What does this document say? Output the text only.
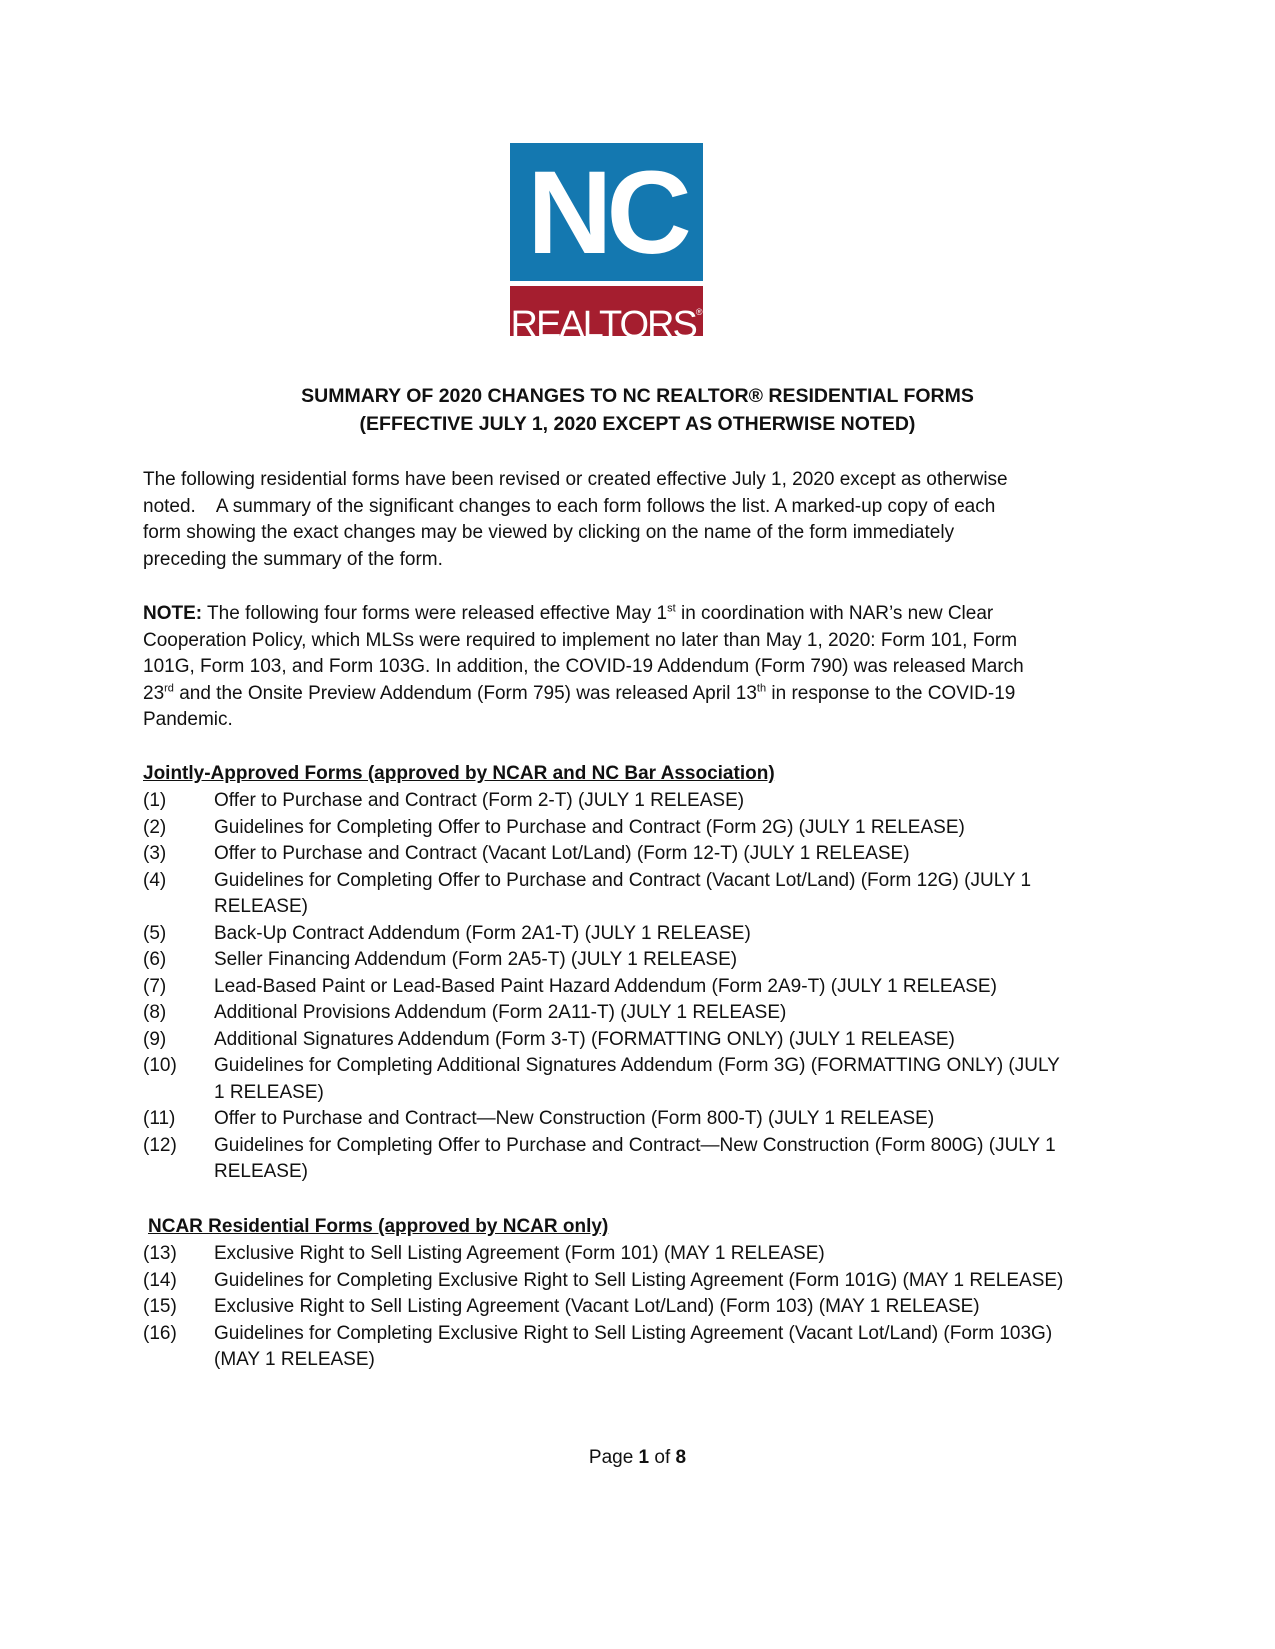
NC
REALTORS®
SUMMARY OF 2020 CHANGES TO NC REALTOR® RESIDENTIAL FORMS
(EFFECTIVE JULY 1, 2020 EXCEPT AS OTHERWISE NOTED)
The following residential forms have been revised or created effective July 1, 2020 except as otherwise
noted.    A summary of the significant changes to each form follows the list. A marked-up copy of each
form showing the exact changes may be viewed by clicking on the name of the form immediately
preceding the summary of the form.
NOTE: The following four forms were released effective May 1st in coordination with NAR’s new Clear
Cooperation Policy, which MLSs were required to implement no later than May 1, 2020: Form 101, Form
101G, Form 103, and Form 103G. In addition, the COVID-19 Addendum (Form 790) was released March
23rd and the Onsite Preview Addendum (Form 795) was released April 13th in response to the COVID-19
Pandemic.
Jointly-Approved Forms (approved by NCAR and NC Bar Association)
(1)	Offer to Purchase and Contract (Form 2-T) (JULY 1 RELEASE)
(2)	Guidelines for Completing Offer to Purchase and Contract (Form 2G) (JULY 1 RELEASE)
(3)	Offer to Purchase and Contract (Vacant Lot/Land) (Form 12-T) (JULY 1 RELEASE)
(4)	Guidelines for Completing Offer to Purchase and Contract (Vacant Lot/Land) (Form 12G) (JULY 1 RELEASE)
(5)	Back-Up Contract Addendum (Form 2A1-T) (JULY 1 RELEASE)
(6)	Seller Financing Addendum (Form 2A5-T) (JULY 1 RELEASE)
(7)	Lead-Based Paint or Lead-Based Paint Hazard Addendum (Form 2A9-T) (JULY 1 RELEASE)
(8)	Additional Provisions Addendum (Form 2A11-T) (JULY 1 RELEASE)
(9)	Additional Signatures Addendum (Form 3-T) (FORMATTING ONLY) (JULY 1 RELEASE)
(10)	Guidelines for Completing Additional Signatures Addendum (Form 3G) (FORMATTING ONLY) (JULY 1 RELEASE)
(11)	Offer to Purchase and Contract—New Construction (Form 800-T) (JULY 1 RELEASE)
(12)	Guidelines for Completing Offer to Purchase and Contract—New Construction (Form 800G) (JULY 1 RELEASE)
NCAR Residential Forms (approved by NCAR only)
(13)	Exclusive Right to Sell Listing Agreement (Form 101) (MAY 1 RELEASE)
(14)	Guidelines for Completing Exclusive Right to Sell Listing Agreement (Form 101G) (MAY 1 RELEASE)
(15)	Exclusive Right to Sell Listing Agreement (Vacant Lot/Land) (Form 103) (MAY 1 RELEASE)
(16)	Guidelines for Completing Exclusive Right to Sell Listing Agreement (Vacant Lot/Land) (Form 103G) (MAY 1 RELEASE)
Page 1 of 8
